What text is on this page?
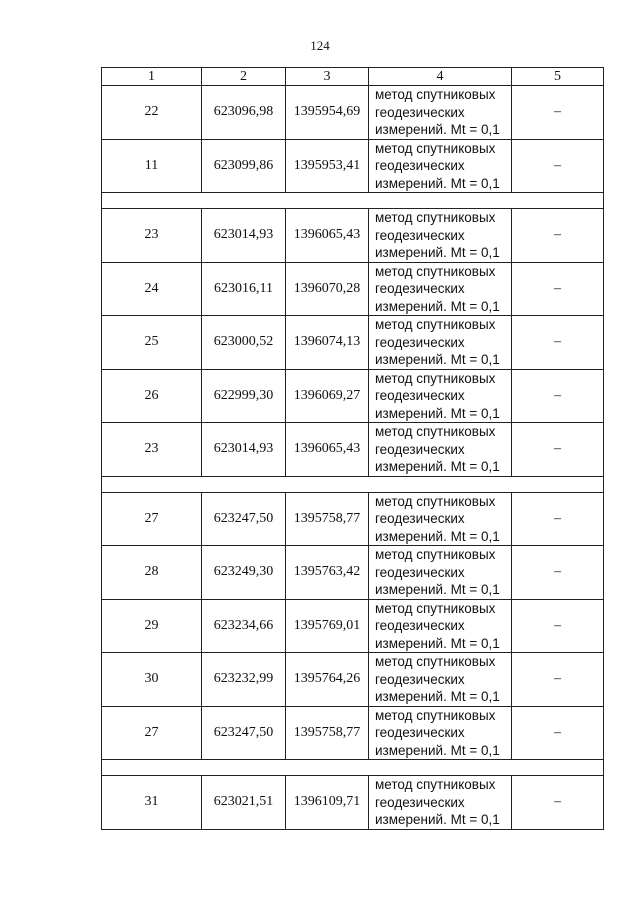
124
1	2	3	4	5
22	623096,98	1395954,69	метод спутниковых
геодезических
измерений. Mt = 0,1	–
11	623099,86	1395953,41	метод спутниковых
геодезических
измерений. Mt = 0,1	–

23	623014,93	1396065,43	метод спутниковых
геодезических
измерений. Mt = 0,1	–
24	623016,11	1396070,28	метод спутниковых
геодезических
измерений. Mt = 0,1	–
25	623000,52	1396074,13	метод спутниковых
геодезических
измерений. Mt = 0,1	–
26	622999,30	1396069,27	метод спутниковых
геодезических
измерений. Mt = 0,1	–
23	623014,93	1396065,43	метод спутниковых
геодезических
измерений. Mt = 0,1	–

27	623247,50	1395758,77	метод спутниковых
геодезических
измерений. Mt = 0,1	–
28	623249,30	1395763,42	метод спутниковых
геодезических
измерений. Mt = 0,1	–
29	623234,66	1395769,01	метод спутниковых
геодезических
измерений. Mt = 0,1	–
30	623232,99	1395764,26	метод спутниковых
геодезических
измерений. Mt = 0,1	–
27	623247,50	1395758,77	метод спутниковых
геодезических
измерений. Mt = 0,1	–

31	623021,51	1396109,71	метод спутниковых
геодезических
измерений. Mt = 0,1	–
